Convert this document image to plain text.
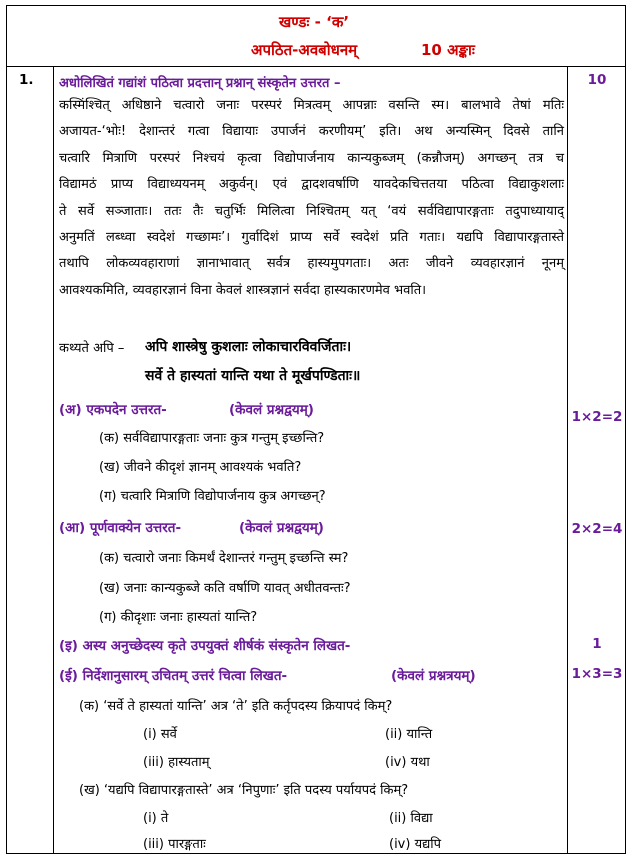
खण्डः - ‘क’
अपठित-अवबोधनम्	10 अङ्काः
1. अधोलिखितं गद्यांशं पठित्वा प्रदत्तान् प्रश्नान् संस्कृतेन उत्तरत –	10
कस्मिंश्चित् अधिष्ठाने चत्वारो जनाः परस्परं मित्रत्वम् आपन्नाः वसन्ति स्म। बालभावे तेषां मतिः
अजायत-‘भोः! देशान्तरं गत्वा विद्यायाः उपार्जनं करणीयम्’ इति। अथ अन्यस्मिन् दिवसे तानि
चत्वारि मित्राणि परस्परं निश्चयं कृत्वा विद्योपार्जनाय कान्यकुब्जम् (कन्नौजम्) अगच्छन् तत्र च
विद्यामठं प्राप्य विद्याध्ययनम् अकुर्वन्। एवं द्वादशवर्षाणि यावदेकचित्ततया पठित्वा विद्याकुशलाः
ते सर्वे सञ्जाताः। ततः तैः चतुर्भिः मिलित्वा निश्चितम् यत् ‘वयं सर्वविद्यापारङ्गताः तदुपाध्यायाद्
अनुमतिं लब्ध्वा स्वदेशं गच्छामः’। गुर्वादिशं प्राप्य सर्वे स्वदेशं प्रति गताः। यद्यपि विद्यापारङ्गतास्ते
तथापि लोकव्यवहाराणां ज्ञानाभावात् सर्वत्र हास्यमुपगताः। अतः जीवने व्यवहारज्ञानं नूनम्
आवश्यकमिति, व्यवहारज्ञानं विना केवलं शास्त्रज्ञानं सर्वदा हास्यकारणमेव भवति।
कथ्यते अपि – अपि शास्त्रेषु कुशलाः लोकाचारविवर्जिताः।
सर्वे ते हास्यतां यान्ति यथा ते मूर्खपण्डिताः॥
(अ) एकपदेन उत्तरत-	(केवलं प्रश्नद्वयम्)	1×2=2
(क) सर्वविद्यापारङ्गताः जनाः कुत्र गन्तुम् इच्छन्ति?
(ख) जीवने कीदृशं ज्ञानम् आवश्यकं भवति?
(ग) चत्वारि मित्राणि विद्योपार्जनाय कुत्र अगच्छन्?
(आ) पूर्णवाक्येन उत्तरत-	(केवलं प्रश्नद्वयम्)	2×2=4
(क) चत्वारो जनाः किमर्थं देशान्तरं गन्तुम् इच्छन्ति स्म?
(ख) जनाः कान्यकुब्जे कति वर्षाणि यावत् अधीतवन्तः?
(ग) कीदृशाः जनाः हास्यतां यान्ति?
(इ) अस्य अनुच्छेदस्य कृते उपयुक्तं शीर्षकं संस्कृतेन लिखत-	1
(ई) निर्देशानुसारम् उचितम् उत्तरं चित्वा लिखत-	(केवलं प्रश्नत्रयम्)	1×3=3
(क) ‘सर्वे ते हास्यतां यान्ति’ अत्र ‘ते’ इति कर्तृपदस्य क्रियापदं किम्?
(i) सर्वे	(ii) यान्ति
(iii) हास्यताम्	(iv) यथा
(ख) ‘यद्यपि विद्यापारङ्गतास्ते’ अत्र ‘निपुणाः’ इति पदस्य पर्यायपदं किम्?
(i) ते	(ii) विद्या
(iii) पारङ्गताः	(iv) यद्यपि
